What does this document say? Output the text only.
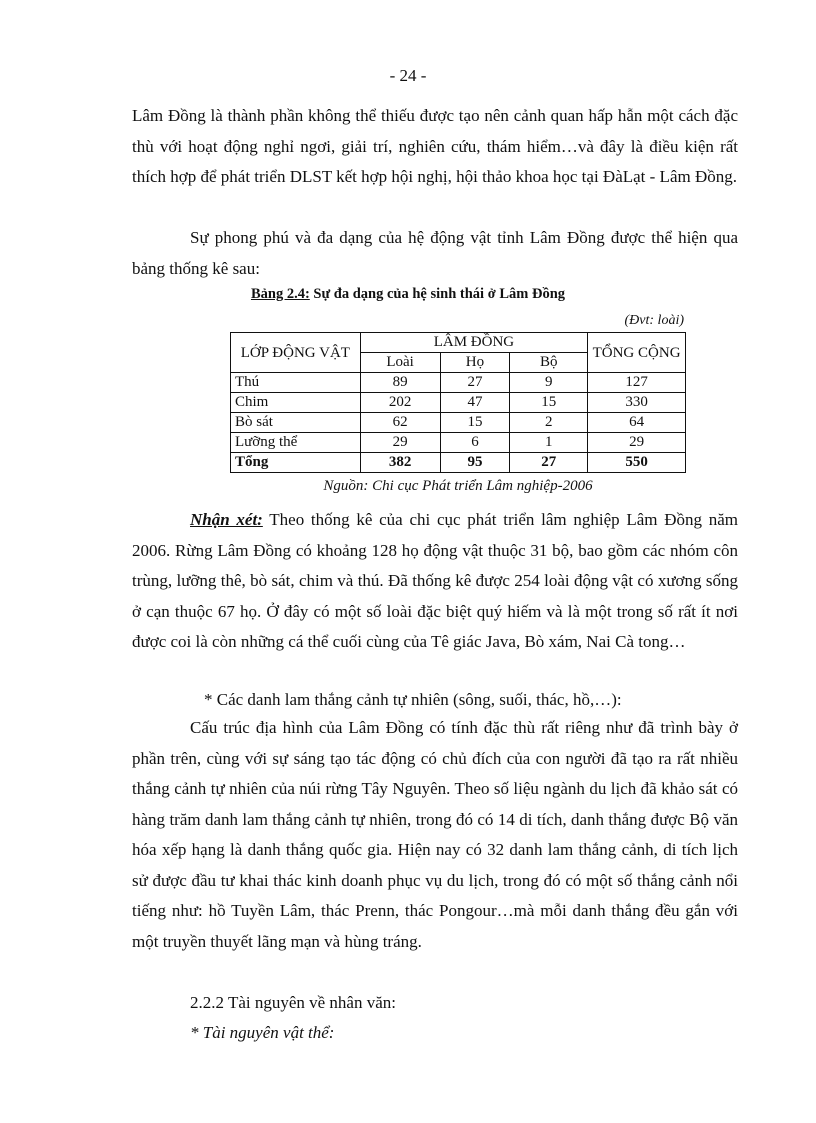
- 24 -

Lâm Đồng là thành phần không thể thiếu được tạo nên cảnh quan hấp hẫn một cách đặc thù với hoạt động nghỉ ngơi, giải trí, nghiên cứu, thám hiểm…và đây là điều kiện rất thích hợp để phát triển DLST kết hợp hội nghị, hội thảo khoa học tại ĐàLạt - Lâm Đồng.

Sự phong phú và đa dạng của hệ động vật tỉnh Lâm Đồng được thể hiện qua bảng thống kê sau:

Bảng 2.4: Sự đa dạng của hệ sinh thái ở Lâm Đồng
(Đvt: loài)
LỚP ĐỘNG VẬT	LÂM ĐỒNG			TỔNG CỘNG
	Loài	Họ	Bộ	
Thú	89	27	9	127
Chim	202	47	15	330
Bò sát	62	15	2	64
Lưỡng thể	29	6	1	29
Tổng	382	95	27	550
Nguồn: Chi cục Phát triển Lâm nghiệp-2006

Nhận xét: Theo thống kê của chi cục phát triển lâm nghiệp Lâm Đồng năm 2006. Rừng Lâm Đồng có khoảng 128 họ động vật thuộc 31 bộ, bao gồm các nhóm côn trùng, lưỡng thê, bò sát, chim và thú. Đã thống kê được 254 loài động vật có xương sống ở cạn thuộc 67 họ. Ở đây có một số loài đặc biệt quý hiếm và là một trong số rất ít nơi được coi là còn những cá thể cuối cùng của Tê giác Java, Bò xám, Nai Cà tong…

* Các danh lam thắng cảnh tự nhiên (sông, suối, thác, hồ,…):

Cấu trúc địa hình của Lâm Đồng có tính đặc thù rất riêng như đã trình bày ở phần trên, cùng với sự sáng tạo tác động có chủ đích của con người đã tạo ra rất nhiều thắng cảnh tự nhiên của núi rừng Tây Nguyên. Theo số liệu ngành du lịch đã khảo sát có hàng trăm danh lam thắng cảnh tự nhiên, trong đó có 14 di tích, danh thắng được Bộ văn hóa xếp hạng là danh thắng quốc gia. Hiện nay có 32 danh lam thắng cảnh, di tích lịch sử được đầu tư khai thác kinh doanh phục vụ du lịch, trong đó có một số thắng cảnh nổi tiếng như: hồ Tuyền Lâm, thác Prenn, thác Pongour…mà mỗi danh thắng đều gắn với một truyền thuyết lãng mạn và hùng tráng.

2.2.2 Tài nguyên về nhân văn:
* Tài nguyên vật thể:
